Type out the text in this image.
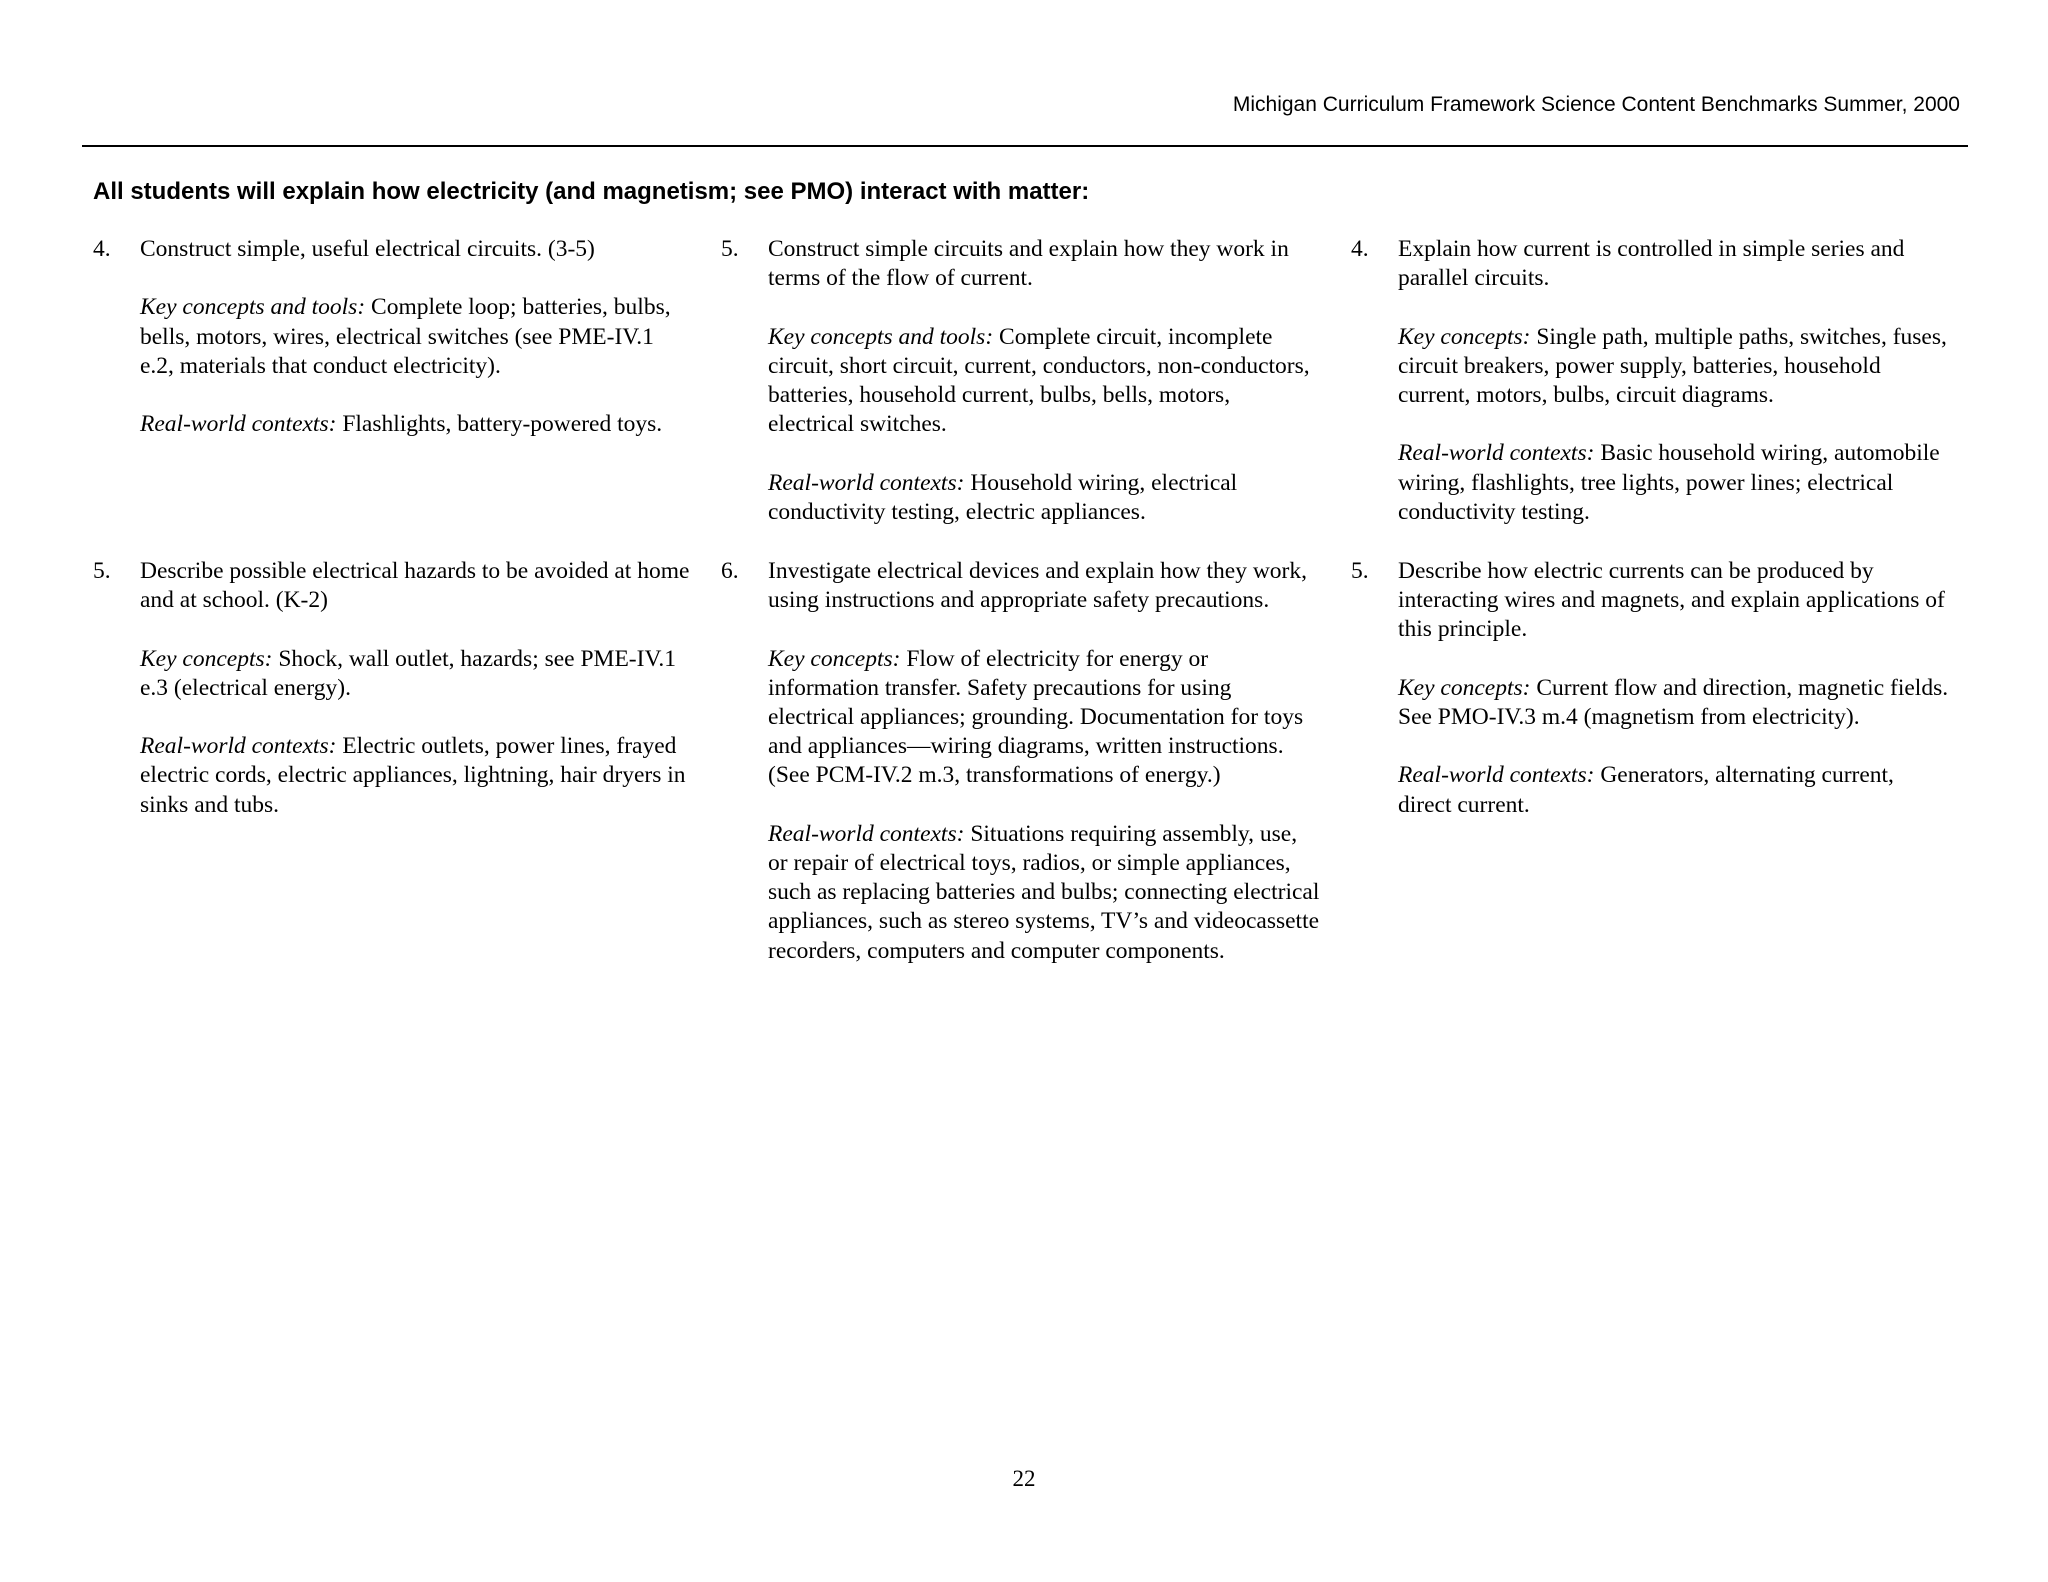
Michigan Curriculum Framework Science Content Benchmarks Summer, 2000
All students will explain how electricity (and magnetism; see PMO) interact with matter:
4. Construct simple, useful electrical circuits. (3-5)

Key concepts and tools: Complete loop; batteries, bulbs, bells, motors, wires, electrical switches (see PME-IV.1 e.2, materials that conduct electricity).

Real-world contexts: Flashlights, battery-powered toys.

5. Describe possible electrical hazards to be avoided at home and at school. (K-2)

Key concepts: Shock, wall outlet, hazards; see PME-IV.1 e.3 (electrical energy).

Real-world contexts: Electric outlets, power lines, frayed electric cords, electric appliances, lightning, hair dryers in sinks and tubs.

5. Construct simple circuits and explain how they work in terms of the flow of current.

Key concepts and tools: Complete circuit, incomplete circuit, short circuit, current, conductors, non-conductors, batteries, household current, bulbs, bells, motors, electrical switches.

Real-world contexts: Household wiring, electrical conductivity testing, electric appliances.

6. Investigate electrical devices and explain how they work, using instructions and appropriate safety precautions.

Key concepts: Flow of electricity for energy or information transfer. Safety precautions for using electrical appliances; grounding. Documentation for toys and appliances—wiring diagrams, written instructions. (See PCM-IV.2 m.3, transformations of energy.)

Real-world contexts: Situations requiring assembly, use, or repair of electrical toys, radios, or simple appliances, such as replacing batteries and bulbs; connecting electrical appliances, such as stereo systems, TV’s and videocassette recorders, computers and computer components.

4. Explain how current is controlled in simple series and parallel circuits.

Key concepts: Single path, multiple paths, switches, fuses, circuit breakers, power supply, batteries, household current, motors, bulbs, circuit diagrams.

Real-world contexts: Basic household wiring, automobile wiring, flashlights, tree lights, power lines; electrical conductivity testing.

5. Describe how electric currents can be produced by interacting wires and magnets, and explain applications of this principle.

Key concepts: Current flow and direction, magnetic fields. See PMO-IV.3 m.4 (magnetism from electricity).

Real-world contexts: Generators, alternating current, direct current.

22
